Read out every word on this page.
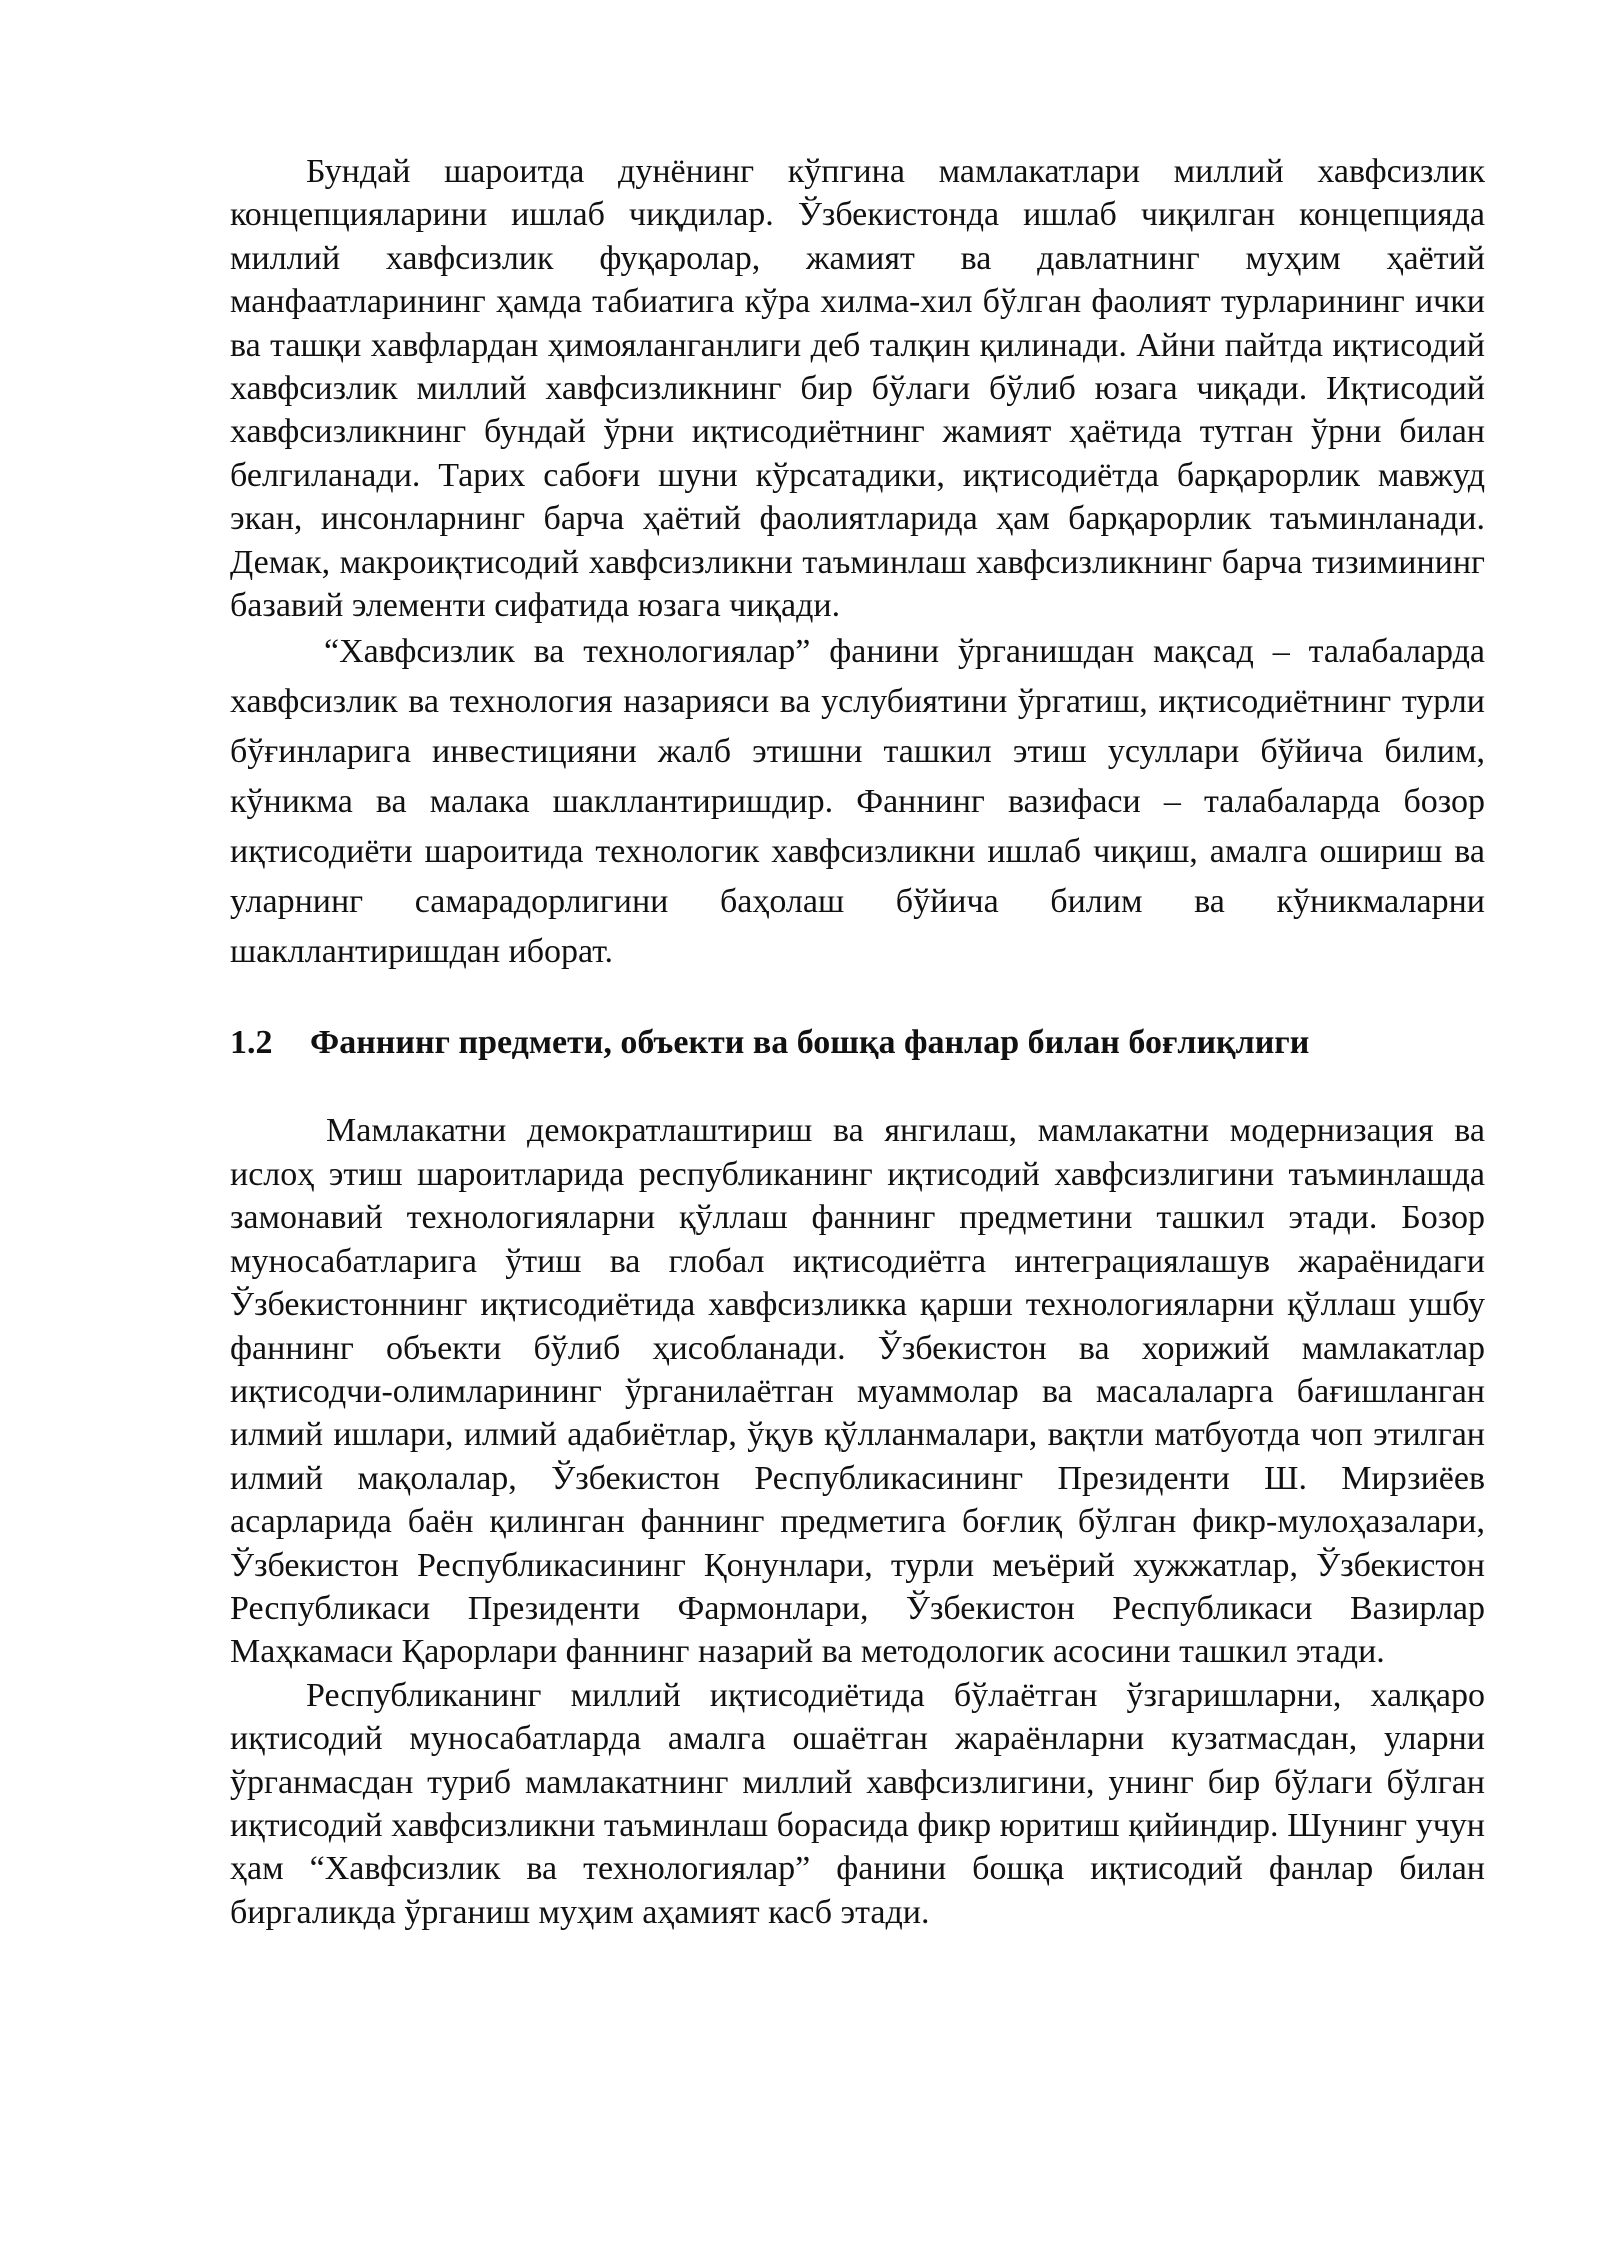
Бундай шароитда дунёнинг кўпгина мамлакатлари миллий хавфсизлик концепцияларини ишлаб чиқдилар. Ўзбекистонда ишлаб чиқилган концепцияда миллий хавфсизлик фуқаролар, жамият ва давлатнинг муҳим ҳаётий манфаатларининг ҳамда табиатига кўра хилма-хил бўлган фаолият турларининг ички ва ташқи хавфлардан ҳимояланганлиги деб талқин қилинади. Айни пайтда иқтисодий хавфсизлик миллий хавфсизликнинг бир бўлаги бўлиб юзага чиқади. Иқтисодий хавфсизликнинг бундай ўрни иқтисодиётнинг жамият ҳаётида тутган ўрни билан белгиланади. Тарих сабоғи шуни кўрсатадики, иқтисодиётда барқарорлик мавжуд экан, инсонларнинг барча ҳаётий фаолиятларида ҳам барқарорлик таъминланади. Демак, макроиқтисодий хавфсизликни таъминлаш хавфсизликнинг барча тизимининг базавий элементи сифатида юзага чиқади.

“Хавфсизлик ва технологиялар” фанини ўрганишдан мақсад – талабаларда хавфсизлик ва технология назарияси ва услубиятини ўргатиш, иқтисодиётнинг турли бўғинларига инвестицияни жалб этишни ташкил этиш усуллари бўйича билим, кўникма ва малака шакллантиришдир. Фаннинг вазифаси – талабаларда бозор иқтисодиёти шароитида технологик хавфсизликни ишлаб чиқиш, амалга ошириш ва уларнинг самарадорлигини баҳолаш бўйича билим ва кўникмаларни шакллантиришдан иборат.

1.2	Фаннинг предмети, объекти ва бошқа фанлар билан боғлиқлиги

Мамлакатни демократлаштириш ва янгилаш, мамлакатни модернизация ва ислоҳ этиш шароитларида республиканинг иқтисодий хавфсизлигини таъминлашда замонавий технологияларни қўллаш фаннинг предметини ташкил этади. Бозор муносабатларига ўтиш ва глобал иқтисодиётга интеграциялашув жараёнидаги Ўзбекистоннинг иқтисодиётида хавфсизликка қарши технологияларни қўллаш ушбу фаннинг объекти бўлиб ҳисобланади. Ўзбекистон ва хорижий мамлакатлар иқтисодчи-олимларининг ўрганилаётган муаммолар ва масалаларга бағишланган илмий ишлари, илмий адабиётлар, ўқув қўлланмалари, вақтли матбуотда чоп этилган илмий мақолалар, Ўзбекистон Республикасининг Президенти Ш. Мирзиёев асарларида баён қилинган фаннинг предметига боғлиқ бўлган фикр-мулоҳазалари, Ўзбекистон Республикасининг Қонунлари, турли меъёрий хужжатлар, Ўзбекистон Республикаси Президенти Фармонлари, Ўзбекистон Республикаси Вазирлар Маҳкамаси Қарорлари фаннинг назарий ва методологик асосини ташкил этади.

Республиканинг миллий иқтисодиётида бўлаётган ўзгаришларни, халқаро иқтисодий муносабатларда амалга ошаётган жараёнларни кузатмасдан, уларни ўрганмасдан туриб мамлакатнинг миллий хавфсизлигини, унинг бир бўлаги бўлган иқтисодий хавфсизликни таъминлаш борасида фикр юритиш қийиндир. Шунинг учун ҳам “Хавфсизлик ва технологиялар” фанини бошқа иқтисодий фанлар билан биргаликда ўрганиш муҳим аҳамият касб этади.
